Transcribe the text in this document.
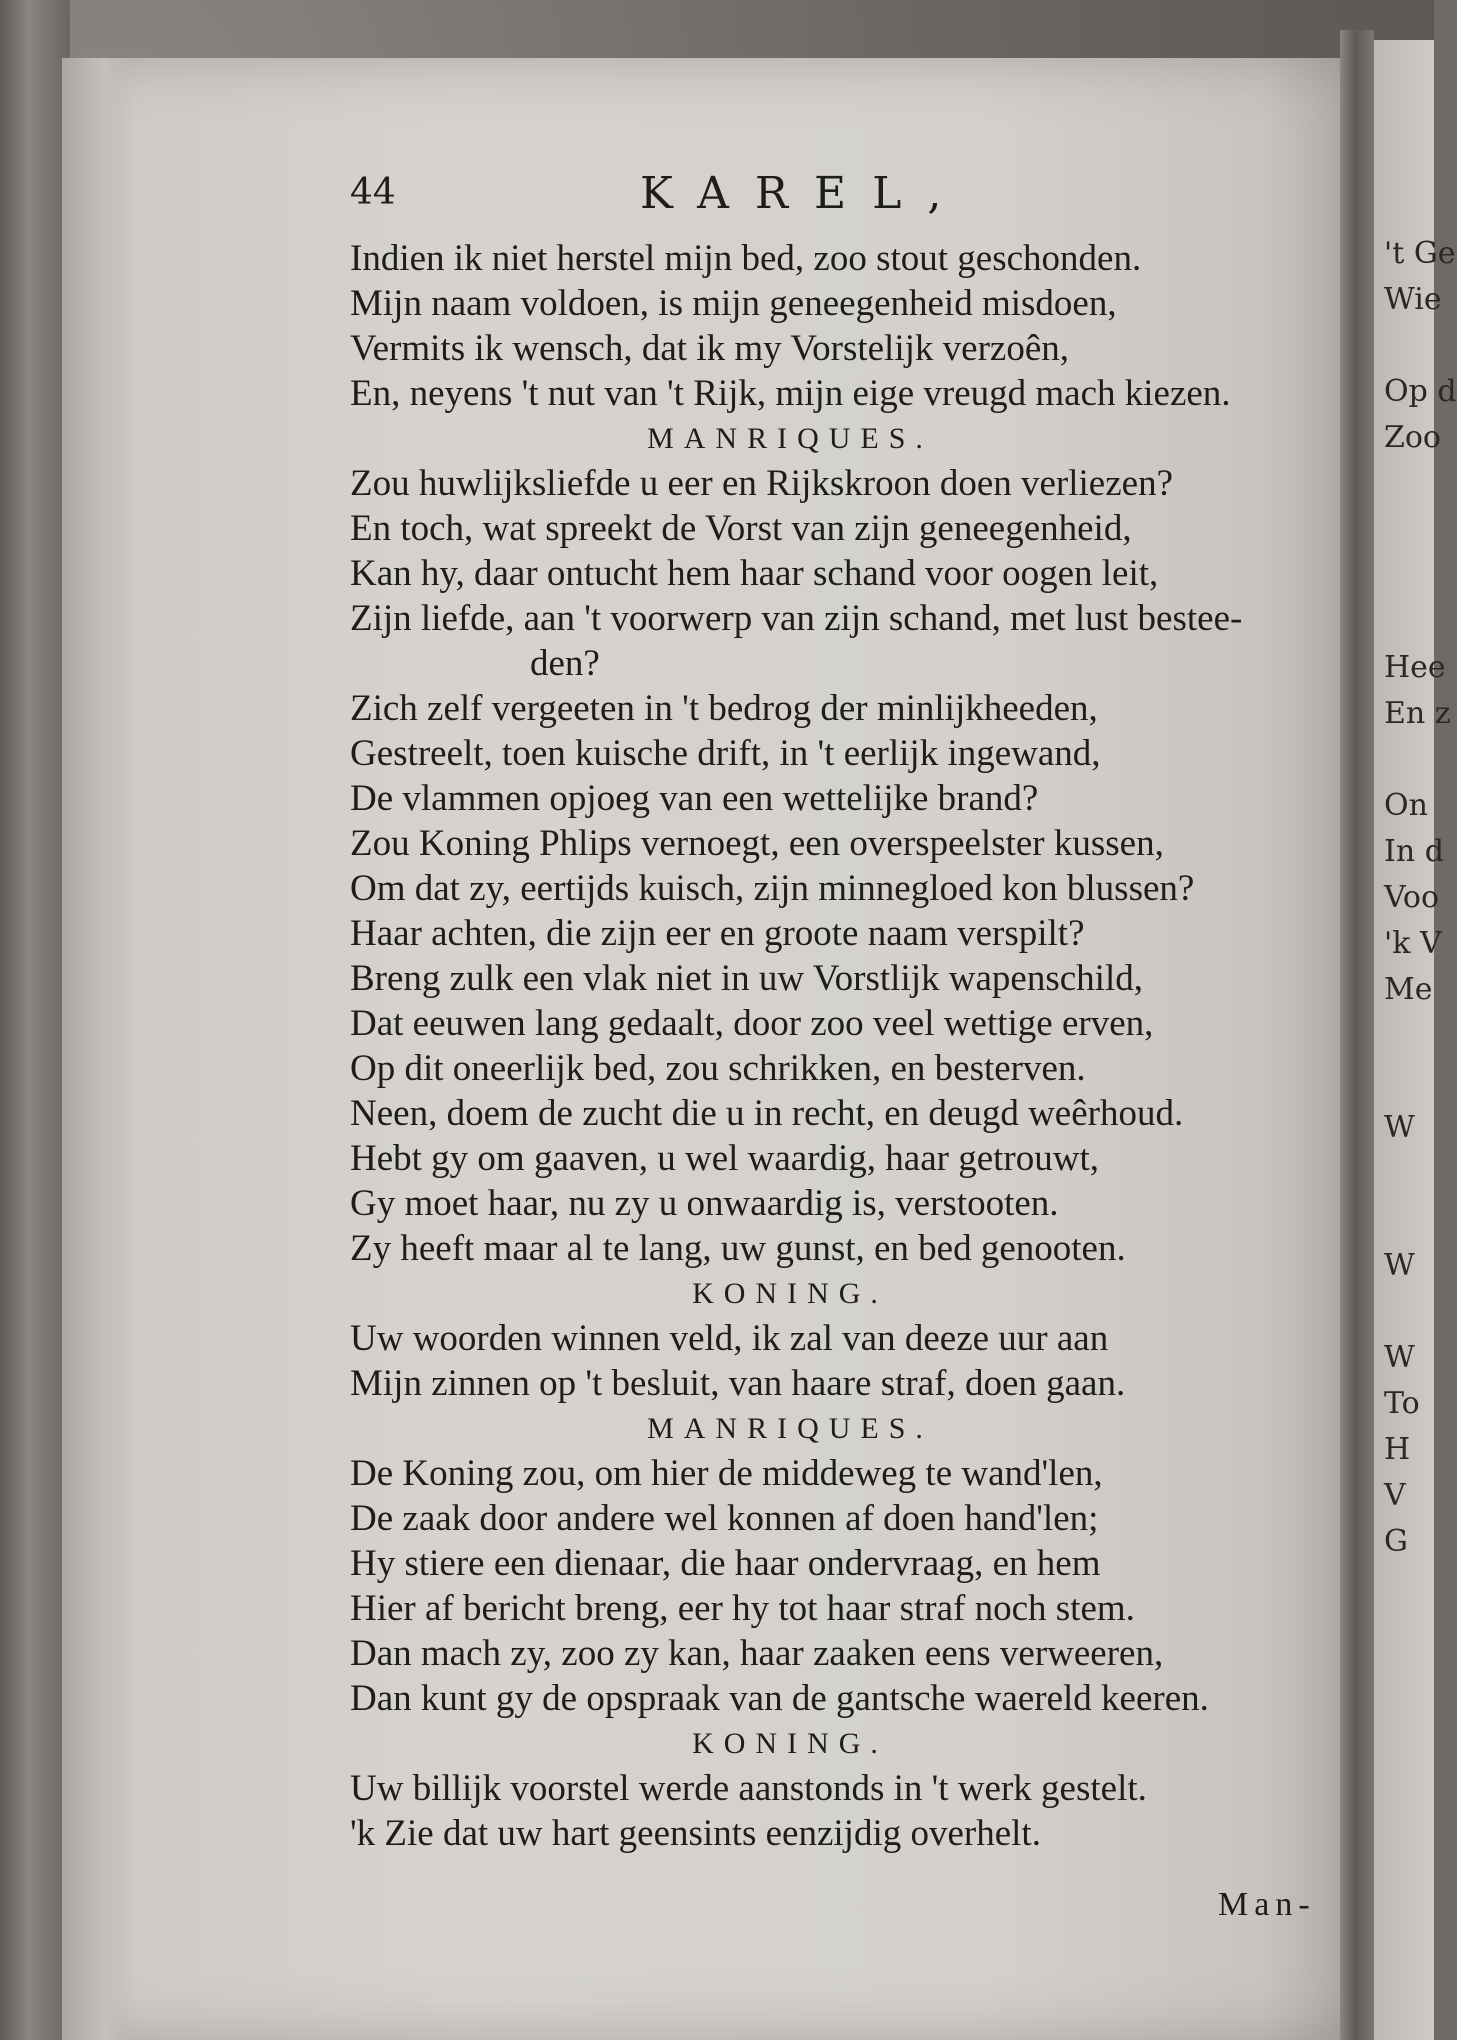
't Ge
Wie
Op d
Zoo
Hee
En z
On
In d
Voo
'k V
Me
W
W
W
To
H
V
G
44	KAREL,
Indien ik niet herstel mijn bed, zoo stout geschonden.
Mijn naam voldoen, is mijn geneegenheid misdoen,
Vermits ik wensch, dat ik my Vorstelijk verzoên,
En, neyens 't nut van 't Rijk, mijn eige vreugd mach kiezen.
MANRIQUES.
Zou huwlijksliefde u eer en Rijkskroon doen verliezen?
En toch, wat spreekt de Vorst van zijn geneegenheid,
Kan hy, daar ontucht hem haar schand voor oogen leit,
Zijn liefde, aan 't voorwerp van zijn schand, met lust bestee-
den?
Zich zelf vergeeten in 't bedrog der minlijkheeden,
Gestreelt, toen kuische drift, in 't eerlijk ingewand,
De vlammen opjoeg van een wettelijke brand?
Zou Koning Phlips vernoegt, een overspeelster kussen,
Om dat zy, eertijds kuisch, zijn minnegloed kon blussen?
Haar achten, die zijn eer en groote naam verspilt?
Breng zulk een vlak niet in uw Vorstlijk wapenschild,
Dat eeuwen lang gedaalt, door zoo veel wettige erven,
Op dit oneerlijk bed, zou schrikken, en besterven.
Neen, doem de zucht die u in recht, en deugd weêrhoud.
Hebt gy om gaaven, u wel waardig, haar getrouwt,
Gy moet haar, nu zy u onwaardig is, verstooten.
Zy heeft maar al te lang, uw gunst, en bed genooten.
KONING.
Uw woorden winnen veld, ik zal van deeze uur aan
Mijn zinnen op 't besluit, van haare straf, doen gaan.
MANRIQUES.
De Koning zou, om hier de middeweg te wand'len,
De zaak door andere wel konnen af doen hand'len;
Hy stiere een dienaar, die haar ondervraag, en hem
Hier af bericht breng, eer hy tot haar straf noch stem.
Dan mach zy, zoo zy kan, haar zaaken eens verweeren,
Dan kunt gy de opspraak van de gantsche waereld keeren.
KONING.
Uw billijk voorstel werde aanstonds in 't werk gestelt.
'k Zie dat uw hart geensints eenzijdig overhelt.
Man-
